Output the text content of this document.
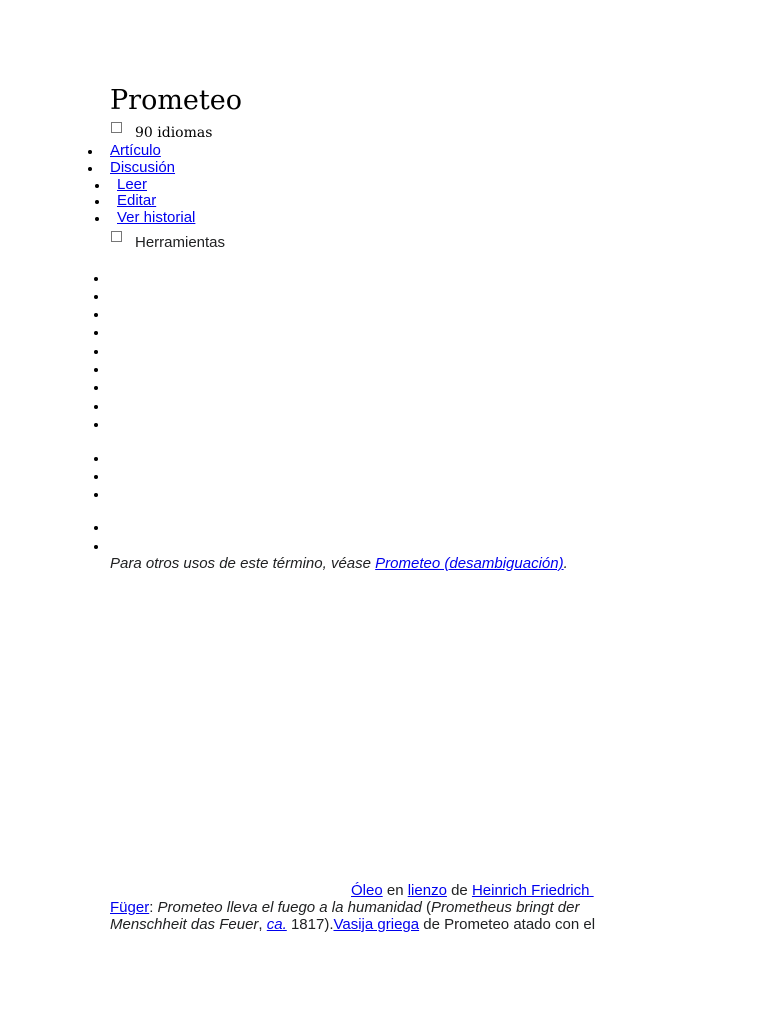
Prometeo
90 idiomas
Artículo
Discusión
Leer
Editar
Ver historial
Herramientas
Para otros usos de este término, véase Prometeo (desambiguación).
Óleo en lienzo de Heinrich Friedrich
Füger: Prometeo lleva el fuego a la humanidad (Prometheus bringt der
Menschheit das Feuer, ca. 1817).Vasija griega de Prometeo atado con el
